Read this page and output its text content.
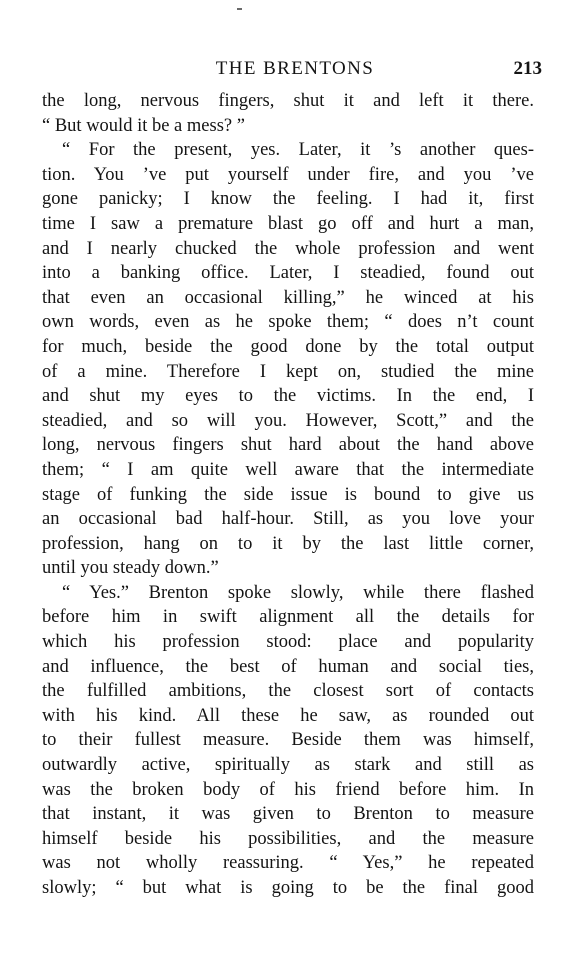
THE BRENTONS	213
the long, nervous fingers, shut it and left it there.
“ But would it be a mess? ”
“ For the present, yes. Later, it ’s another ques-
tion. You ’ve put yourself under fire, and you ’ve
gone panicky; I know the feeling. I had it, first
time I saw a premature blast go off and hurt a man,
and I nearly chucked the whole profession and went
into a banking office. Later, I steadied, found out
that even an occasional killing,” he winced at his
own words, even as he spoke them; “ does n’t count
for much, beside the good done by the total output
of a mine. Therefore I kept on, studied the mine
and shut my eyes to the victims. In the end, I
steadied, and so will you. However, Scott,” and the
long, nervous fingers shut hard about the hand above
them; “ I am quite well aware that the intermediate
stage of funking the side issue is bound to give us
an occasional bad half-hour. Still, as you love your
profession, hang on to it by the last little corner,
until you steady down.”
“ Yes.” Brenton spoke slowly, while there flashed
before him in swift alignment all the details for
which his profession stood: place and popularity
and influence, the best of human and social ties,
the fulfilled ambitions, the closest sort of contacts
with his kind. All these he saw, as rounded out
to their fullest measure. Beside them was himself,
outwardly active, spiritually as stark and still as
was the broken body of his friend before him. In
that instant, it was given to Brenton to measure
himself beside his possibilities, and the measure
was not wholly reassuring. “ Yes,” he repeated
slowly; “ but what is going to be the final good
